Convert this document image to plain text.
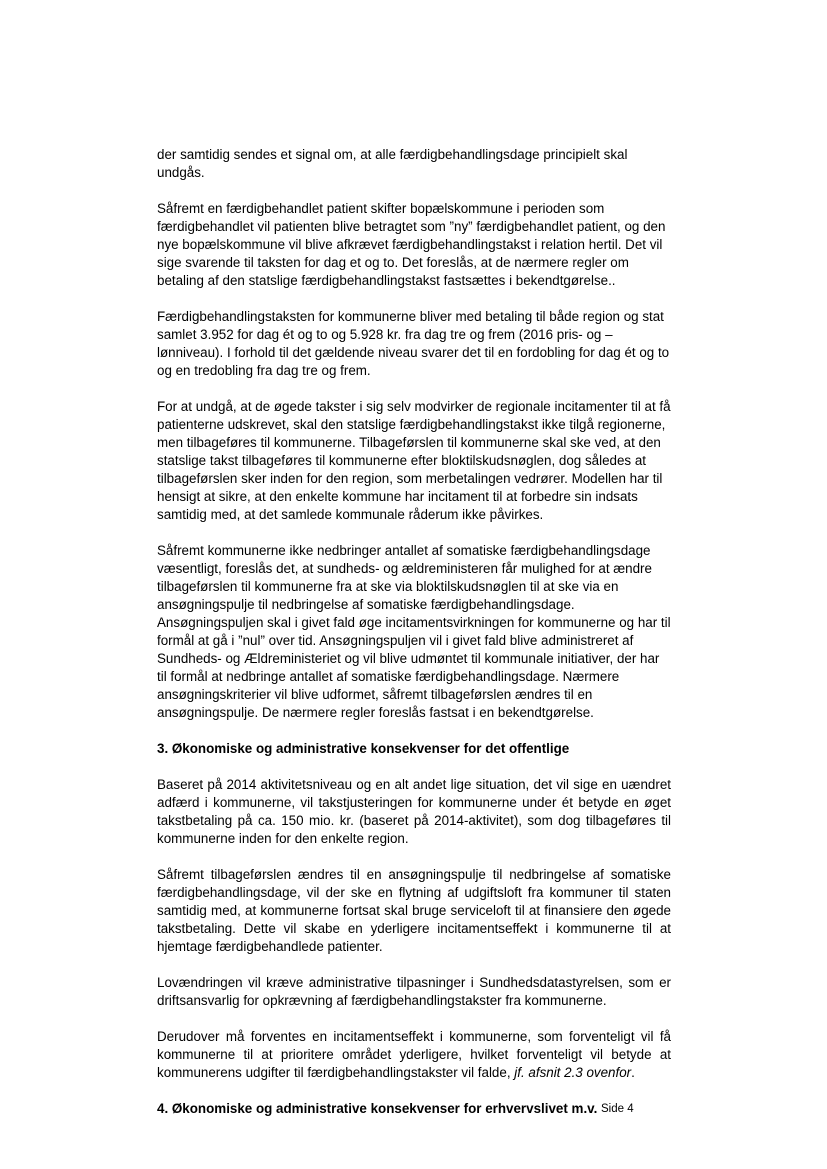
der samtidig sendes et signal om, at alle færdigbehandlingsdage principielt skal undgås.

Såfremt en færdigbehandlet patient skifter bopælskommune i perioden som færdigbehandlet vil patienten blive betragtet som ”ny” færdigbehandlet patient, og den nye bopælskommune vil blive afkrævet færdigbehandlingstakst i relation hertil. Det vil sige svarende til taksten for dag et og to. Det foreslås, at de nærmere regler om betaling af den statslige færdigbehandlingstakst fastsættes i bekendtgørelse..

Færdigbehandlingstaksten for kommunerne bliver med betaling til både region og stat samlet 3.952 for dag ét og to og 5.928 kr. fra dag tre og frem (2016 pris- og –lønniveau). I forhold til det gældende niveau svarer det til en fordobling for dag ét og to og en tredobling fra dag tre og frem.

For at undgå, at de øgede takster i sig selv modvirker de regionale incitamenter til at få patienterne udskrevet, skal den statslige færdigbehandlingstakst ikke tilgå regionerne, men tilbageføres til kommunerne. Tilbageførslen til kommunerne skal ske ved, at den statslige takst tilbageføres til kommunerne efter bloktilskudsnøglen, dog således at tilbageførslen sker inden for den region, som merbetalingen vedrører. Modellen har til hensigt at sikre, at den enkelte kommune har incitament til at forbedre sin indsats samtidig med, at det samlede kommunale råderum ikke påvirkes.

Såfremt kommunerne ikke nedbringer antallet af somatiske færdigbehandlingsdage væsentligt, foreslås det, at sundheds- og ældreministeren får mulighed for at ændre tilbageførslen til kommunerne fra at ske via bloktilskudsnøglen til at ske via en ansøgningspulje til nedbringelse af somatiske færdigbehandlingsdage. Ansøgningspuljen skal i givet fald øge incitamentsvirkningen for kommunerne og har til formål at gå i ”nul” over tid. Ansøgningspuljen vil i givet fald blive administreret af Sundheds- og Ældreministeriet og vil blive udmøntet til kommunale initiativer, der har til formål at nedbringe antallet af somatiske færdigbehandlingsdage. Nærmere ansøgningskriterier vil blive udformet, såfremt tilbageførslen ændres til en ansøgningspulje. De nærmere regler foreslås fastsat i en bekendtgørelse.

3. Økonomiske og administrative konsekvenser for det offentlige

Baseret på 2014 aktivitetsniveau og en alt andet lige situation, det vil sige en uændret adfærd i kommunerne, vil takstjusteringen for kommunerne under ét betyde en øget takstbetaling på ca. 150 mio. kr. (baseret på 2014-aktivitet), som dog tilbageføres til kommunerne inden for den enkelte region.

Såfremt tilbageførslen ændres til en ansøgningspulje til nedbringelse af somatiske færdigbehandlingsdage, vil der ske en flytning af udgiftsloft fra kommuner til staten samtidig med, at kommunerne fortsat skal bruge serviceloft til at finansiere den øgede takstbetaling. Dette vil skabe en yderligere incitamentseffekt i kommunerne til at hjemtage færdigbehandlede patienter.

Lovændringen vil kræve administrative tilpasninger i Sundhedsdatastyrelsen, som er driftsansvarlig for opkrævning af færdigbehandlingstakster fra kommunerne.

Derudover må forventes en incitamentseffekt i kommunerne, som forventeligt vil få kommunerne til at prioritere området yderligere, hvilket forventeligt vil betyde at kommunerens udgifter til færdigbehandlingstakster vil falde, jf. afsnit 2.3 ovenfor.

4. Økonomiske og administrative konsekvenser for erhvervslivet m.v. Side 4
